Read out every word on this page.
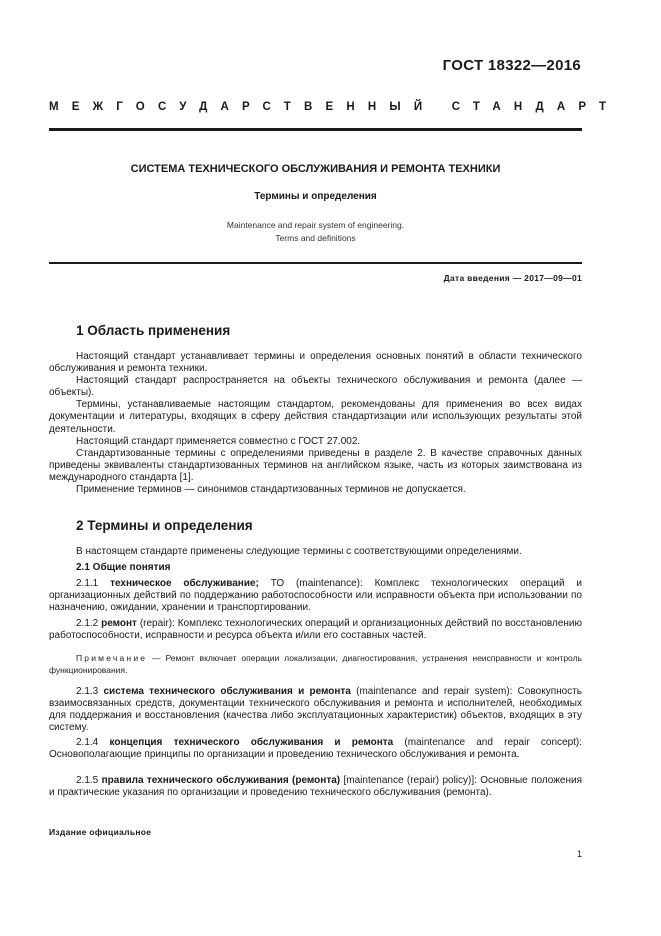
ГОСТ 18322—2016
МЕЖГОСУДАРСТВЕННЫЙ СТАНДАРТ
СИСТЕМА ТЕХНИЧЕСКОГО ОБСЛУЖИВАНИЯ И РЕМОНТА ТЕХНИКИ
Термины и определения
Maintenance and repair system of engineering.
Terms and definitions
Дата введения — 2017—09—01
1 Область применения
Настоящий стандарт устанавливает термины и определения основных понятий в области технического обслуживания и ремонта техники.
Настоящий стандарт распространяется на объекты технического обслуживания и ремонта (далее — объекты).
Термины, устанавливаемые настоящим стандартом, рекомендованы для применения во всех видах документации и литературы, входящих в сферу действия стандартизации или использующих результаты этой деятельности.
Настоящий стандарт применяется совместно с ГОСТ 27.002.
Стандартизованные термины с определениями приведены в разделе 2. В качестве справочных данных приведены эквиваленты стандартизованных терминов на английском языке, часть из которых заимствована из международного стандарта [1].
Применение терминов — синонимов стандартизованных терминов не допускается.
2 Термины и определения
В настоящем стандарте применены следующие термины с соответствующими определениями.
2.1 Общие понятия
2.1.1 техническое обслуживание; ТО (maintenance): Комплекс технологических операций и организационных действий по поддержанию работоспособности или исправности объекта при использовании по назначению, ожидании, хранении и транспортировании.
2.1.2 ремонт (repair): Комплекс технологических операций и организационных действий по восстановлению работоспособности, исправности и ресурса объекта и/или его составных частей.
Примечание — Ремонт включает операции локализации, диагностирования, устранения неисправности и контроль функционирования.
2.1.3 система технического обслуживания и ремонта (maintenance and repair system): Совокупность взаимосвязанных средств, документации технического обслуживания и ремонта и исполнителей, необходимых для поддержания и восстановления (качества либо эксплуатационных характеристик) объектов, входящих в эту систему.
2.1.4 концепция технического обслуживания и ремонта (maintenance and repair concept): Основополагающие принципы по организации и проведению технического обслуживания и ремонта.
2.1.5 правила технического обслуживания (ремонта) [maintenance (repair) policy)]: Основные положения и практические указания по организации и проведению технического обслуживания (ремонта).
Издание официальное
1
